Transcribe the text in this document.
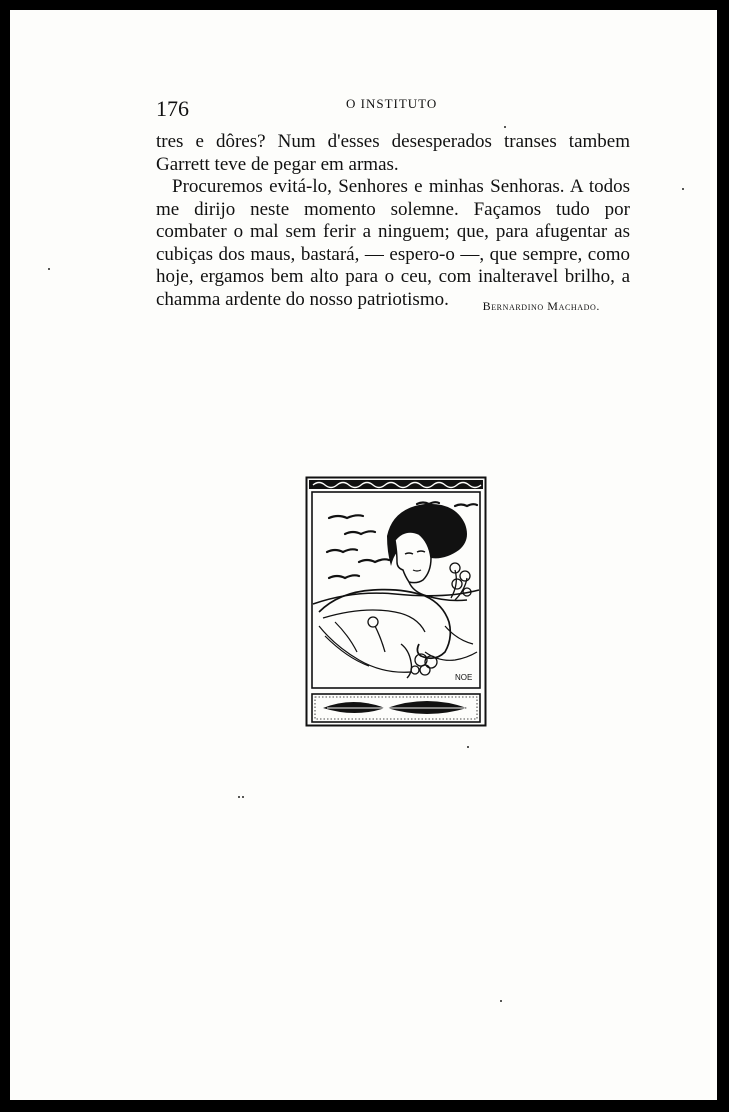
176	O INSTITUTO

tres e dôres? Num d'esses desesperados transes tambem Garrett teve de pegar em armas.

Procuremos evitá-lo, Senhores e minhas Senhoras. A todos me dirijo neste momento solemne. Façamos tudo por combater o mal sem ferir a ninguem; que, para afugentar as cubiças dos maus, bastará, — espero-o —, que sempre, como hoje, ergamos bem alto para o ceu, com inalteravel brilho, a chamma ardente do nosso patriotismo.	Bernardino Machado.
NOE
